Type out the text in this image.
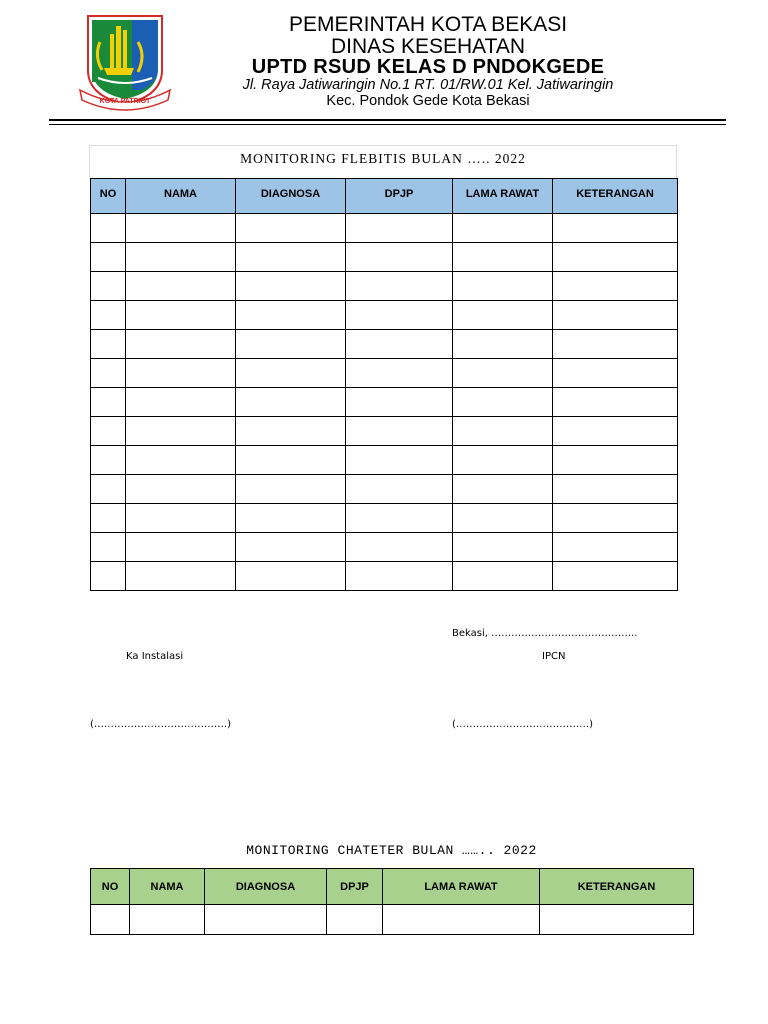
KOTA PATRIOT
PEMERINTAH KOTA BEKASI
DINAS KESEHATAN
UPTD RSUD KELAS D PNDOKGEDE
Jl. Raya Jatiwaringin No.1 RT. 01/RW.01 Kel. Jatiwaringin
Kec. Pondok Gede Kota Bekasi
MONITORING FLEBITIS BULAN ….. 2022
NO	NAMA	DIAGNOSA	DPJP	LAMA RAWAT	KETERANGAN

Bekasi, ……………………………………..
Ka Instalasi	IPCN
(………………………………….)	(………………………………….)
MONITORING CHATETER BULAN …….. 2022
NO	NAMA	DIAGNOSA	DPJP	LAMA RAWAT	KETERANGAN
